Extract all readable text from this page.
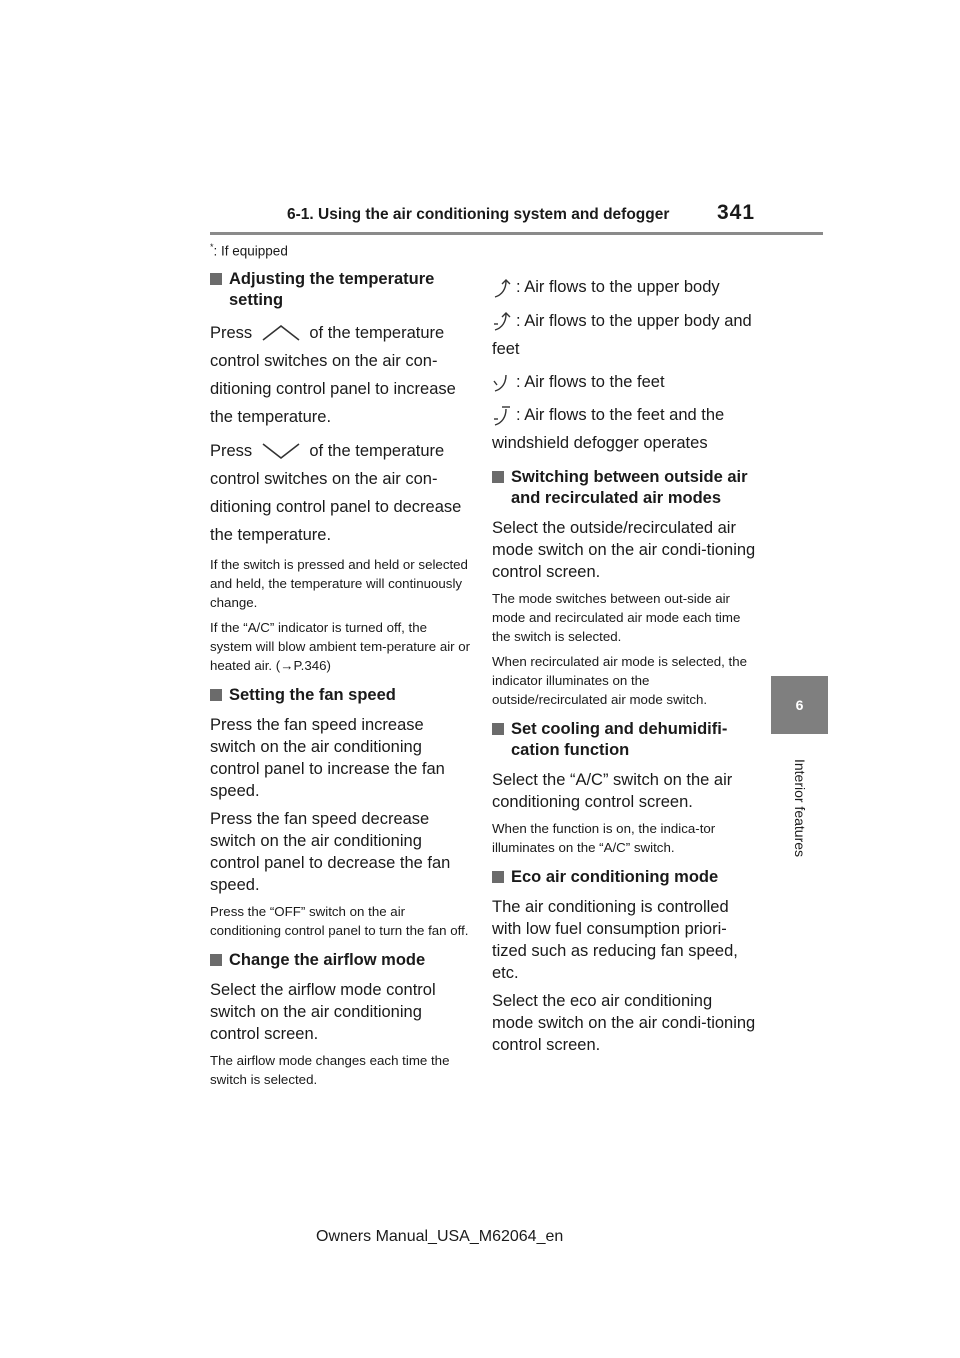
6-1. Using the air conditioning system and defogger 341
6
Interior features

*: If equipped

Adjusting the temperature setting

Press	of the temperature control switches on the air con-ditioning control panel to increase the temperature.

Press	of the temperature control switches on the air con-ditioning control panel to decrease the temperature.

If the switch is pressed and held or selected and held, the temperature will continuously change.

If the “A/C” indicator is turned off, the system will blow ambient tem-perature air or heated air. (→P.346)

Setting the fan speed

Press the fan speed increase switch on the air conditioning control panel to increase the fan speed.

Press the fan speed decrease switch on the air conditioning control panel to decrease the fan speed.

Press the “OFF” switch on the air conditioning control panel to turn the fan off.

Change the airflow mode

Select the airflow mode control switch on the air conditioning control screen.

The airflow mode changes each time the switch is selected.

: Air flows to the upper body

: Air flows to the upper body and feet

: Air flows to the feet

: Air flows to the feet and the windshield defogger operates

Switching between outside air and recirculated air modes

Select the outside/recirculated air mode switch on the air condi-tioning control screen.

The mode switches between out-side air mode and recirculated air mode each time the switch is selected.

When recirculated air mode is selected, the indicator illuminates on the outside/recirculated air mode switch.

Set cooling and dehumidifi-cation function

Select the “A/C” switch on the air conditioning control screen.

When the function is on, the indica-tor illuminates on the “A/C” switch.

Eco air conditioning mode

The air conditioning is controlled with low fuel consumption priori-tized such as reducing fan speed, etc.

Select the eco air conditioning mode switch on the air condi-tioning control screen.

Owners Manual_USA_M62064_en
